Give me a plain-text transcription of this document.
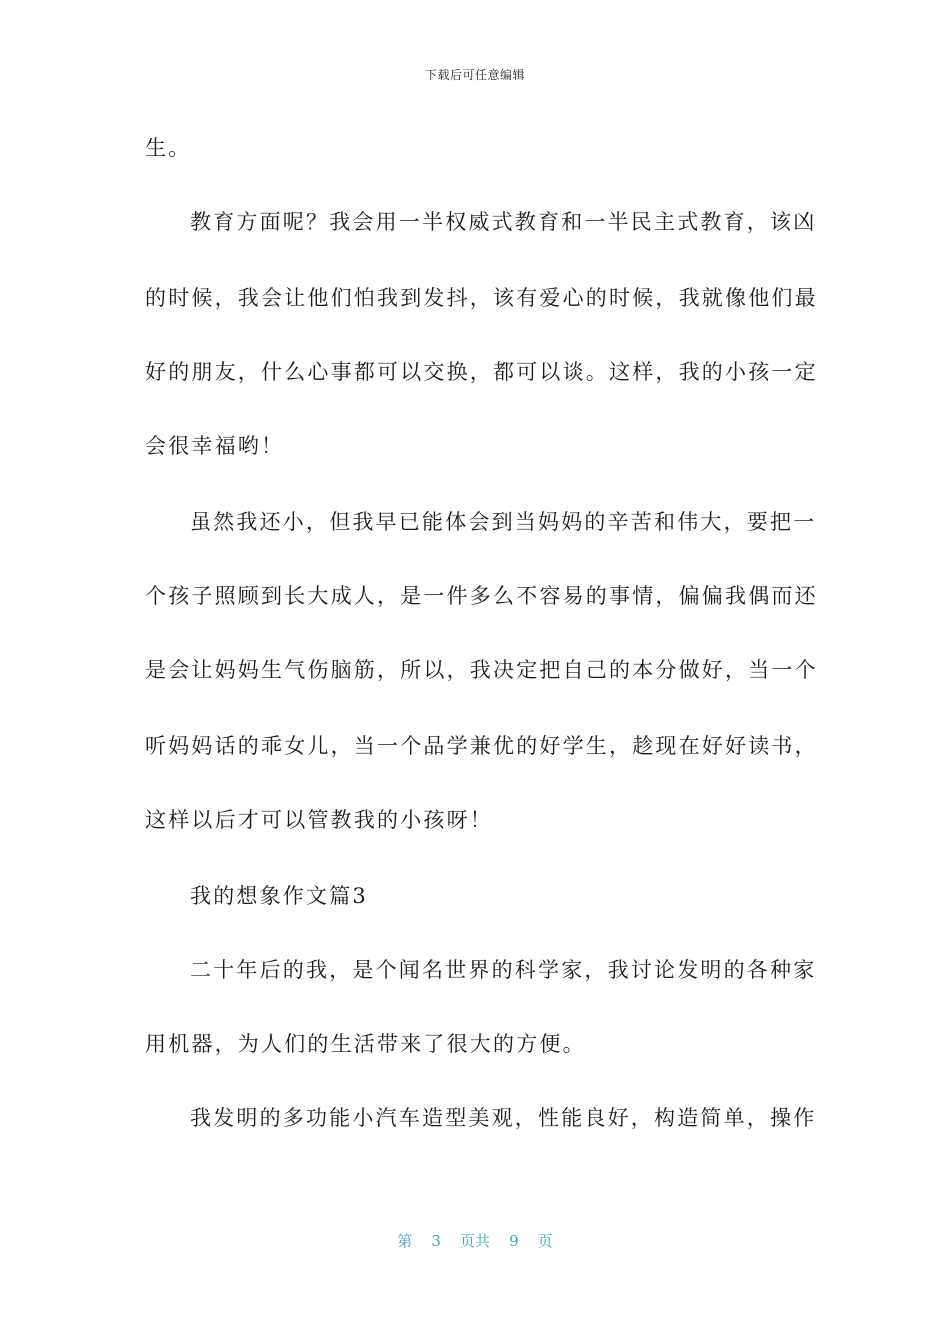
下载后可任意编辑
生。
教育方面呢？我会用一半权威式教育和一半民主式教育，该凶
的时候，我会让他们怕我到发抖，该有爱心的时候，我就像他们最
好的朋友，什么心事都可以交换，都可以谈。这样，我的小孩一定
会很幸福哟！
虽然我还小，但我早已能体会到当妈妈的辛苦和伟大，要把一
个孩子照顾到长大成人，是一件多么不容易的事情，偏偏我偶而还
是会让妈妈生气伤脑筋，所以，我决定把自己的本分做好，当一个
听妈妈话的乖女儿，当一个品学兼优的好学生，趁现在好好读书，
这样以后才可以管教我的小孩呀！
我的想象作文篇3
二十年后的我，是个闻名世界的科学家，我讨论发明的各种家
用机器，为人们的生活带来了很大的方便。
我发明的多功能小汽车造型美观，性能良好，构造简单，操作
第 3 页共 9 页
